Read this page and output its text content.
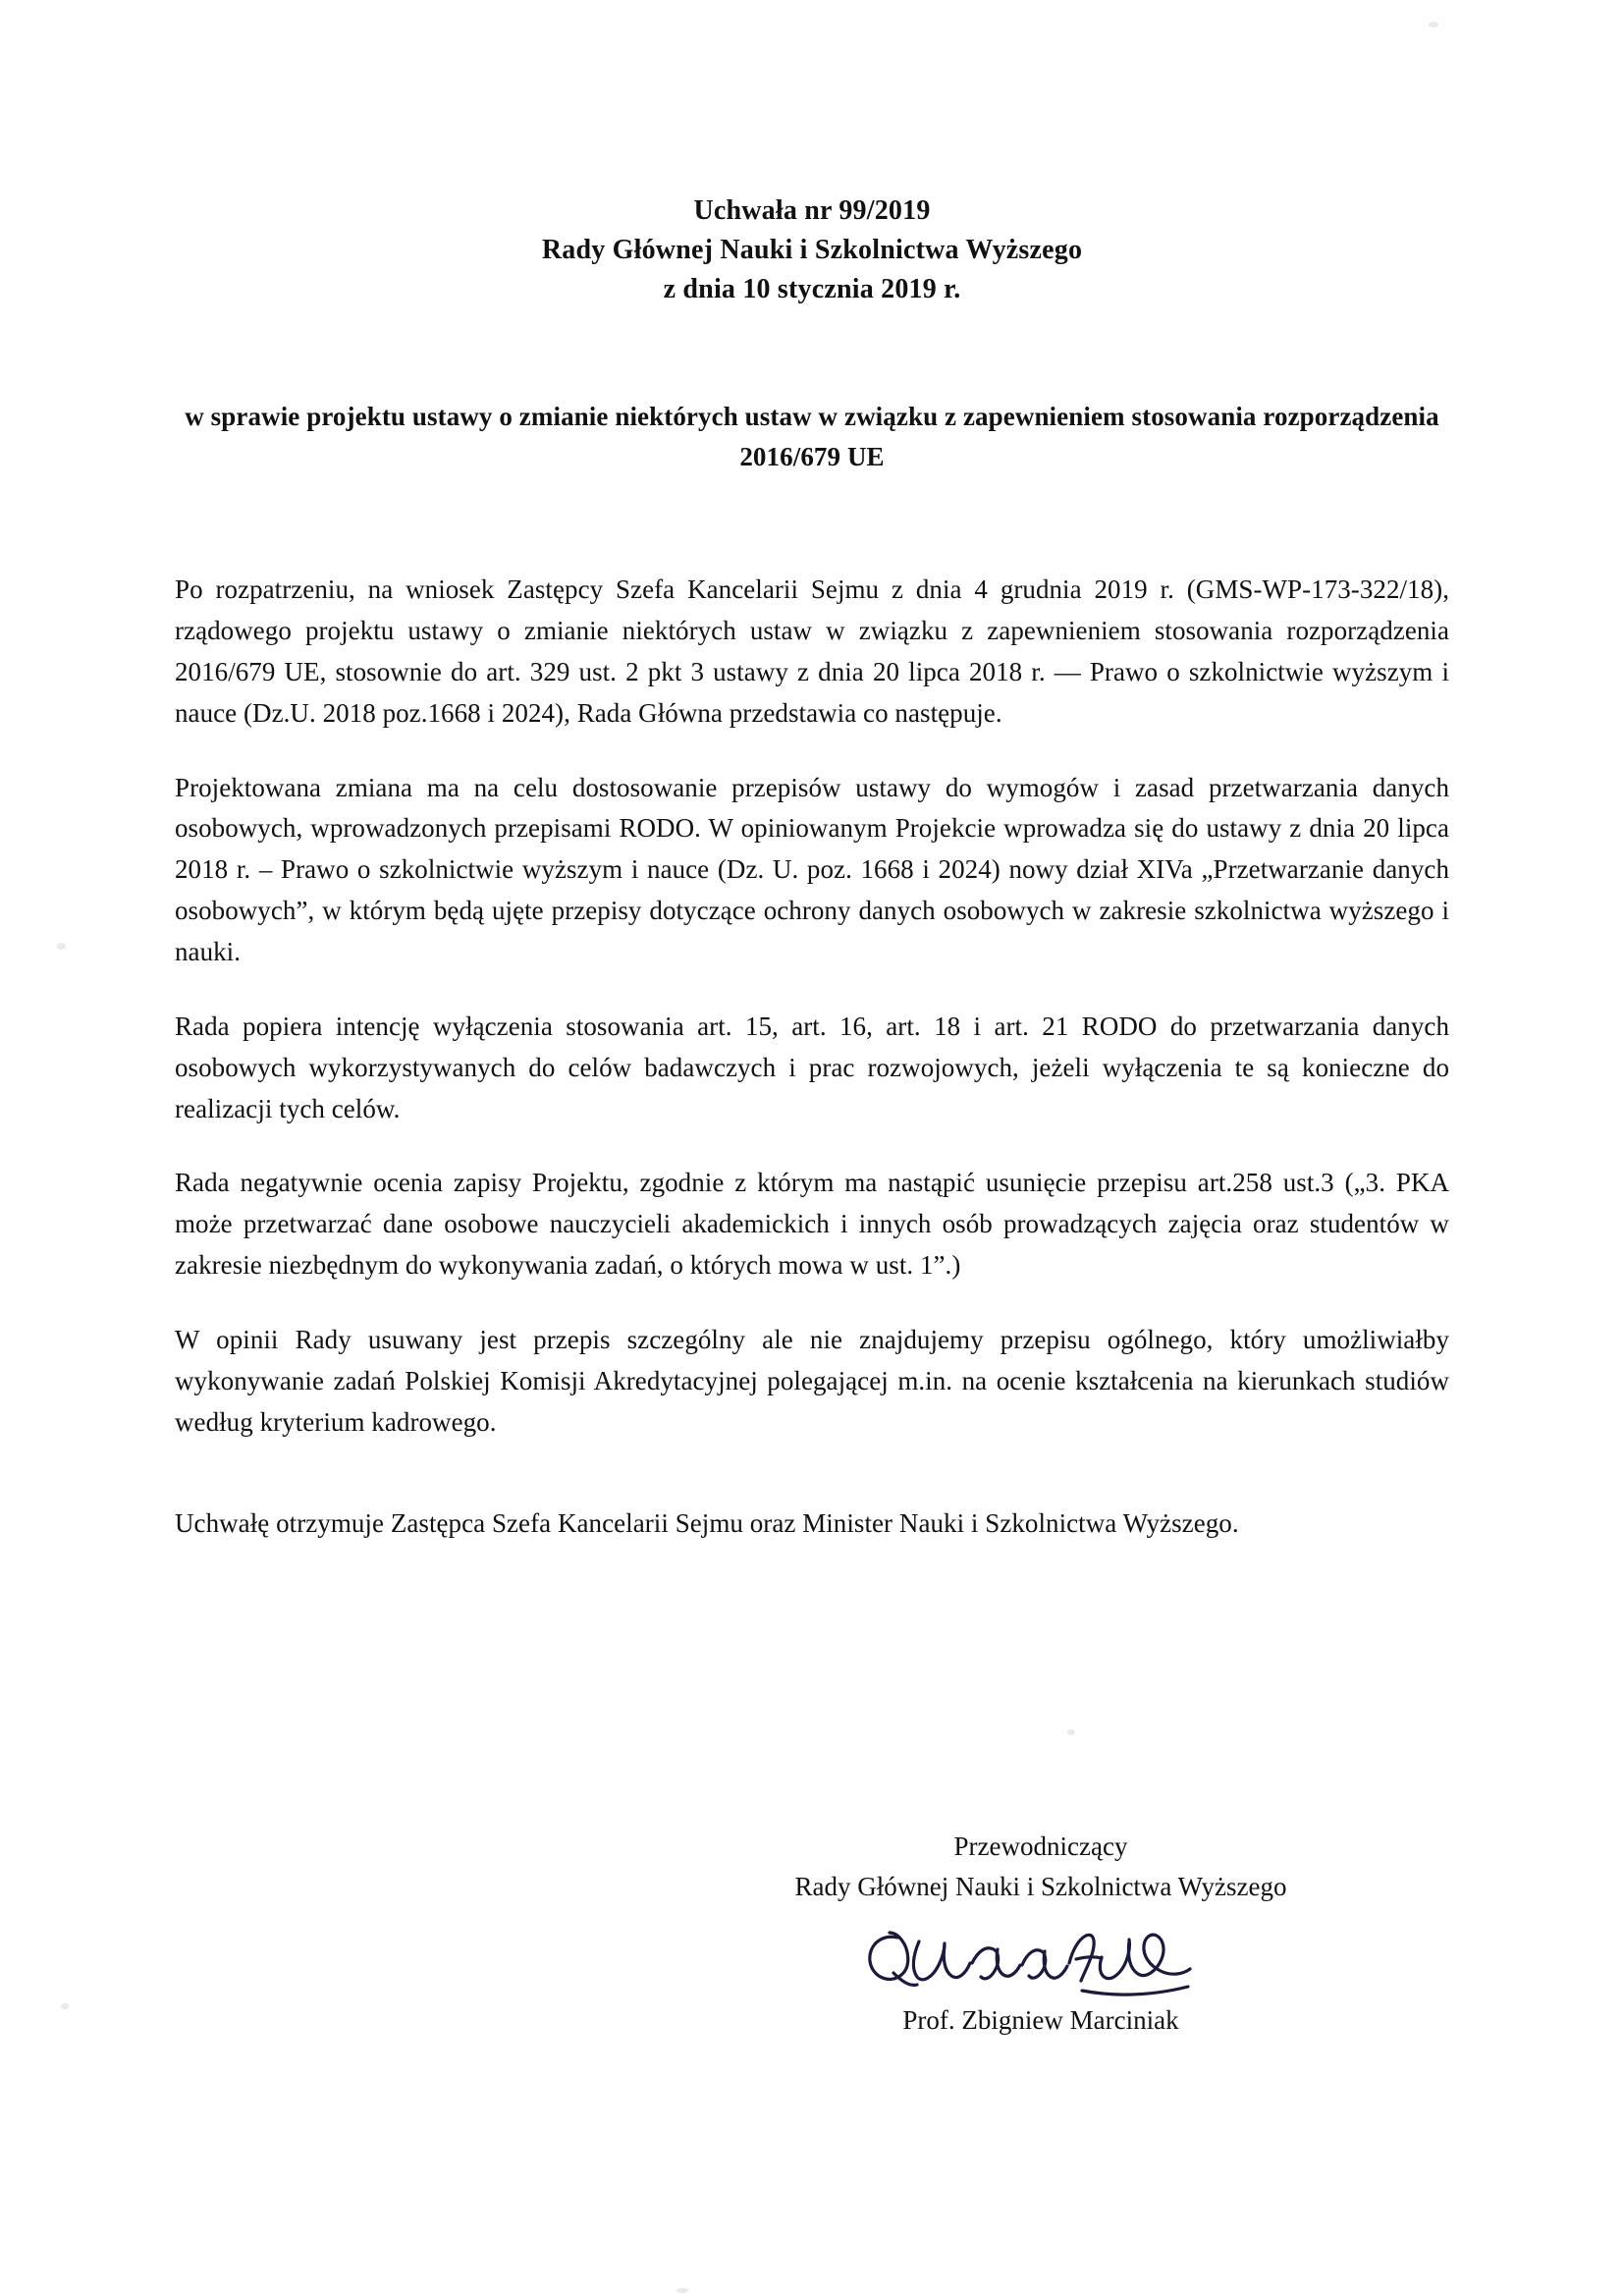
Uchwała nr 99/2019
Rady Głównej Nauki i Szkolnictwa Wyższego
z dnia 10 stycznia 2019 r.
w sprawie projektu ustawy o zmianie niektórych ustaw w związku z zapewnieniem stosowania rozporządzenia 2016/679 UE

Po rozpatrzeniu, na wniosek Zastępcy Szefa Kancelarii Sejmu z dnia 4 grudnia 2019 r. (GMS-WP-173-322/18), rządowego projektu ustawy o zmianie niektórych ustaw w związku z zapewnieniem stosowania rozporządzenia 2016/679 UE, stosownie do art. 329 ust. 2 pkt 3 ustawy z dnia 20 lipca 2018 r. — Prawo o szkolnictwie wyższym i nauce (Dz.U. 2018 poz.1668 i 2024), Rada Główna przedstawia co następuje.

Projektowana zmiana ma na celu dostosowanie przepisów ustawy do wymogów i zasad przetwarzania danych osobowych, wprowadzonych przepisami RODO. W opiniowanym Projekcie wprowadza się do ustawy z dnia 20 lipca 2018 r. – Prawo o szkolnictwie wyższym i nauce (Dz. U. poz. 1668 i 2024) nowy dział XIVa „Przetwarzanie danych osobowych”, w którym będą ujęte przepisy dotyczące ochrony danych osobowych w zakresie szkolnictwa wyższego i nauki.

Rada popiera intencję wyłączenia stosowania art. 15, art. 16, art. 18 i art. 21 RODO do przetwarzania danych osobowych wykorzystywanych do celów badawczych i prac rozwojowych, jeżeli wyłączenia te są konieczne do realizacji tych celów.

Rada negatywnie ocenia zapisy Projektu, zgodnie z którym ma nastąpić usunięcie przepisu art.258 ust.3 („3. PKA może przetwarzać dane osobowe nauczycieli akademickich i innych osób prowadzących zajęcia oraz studentów w zakresie niezbędnym do wykonywania zadań, o których mowa w ust. 1”.)

W opinii Rady usuwany jest przepis szczególny ale nie znajdujemy przepisu ogólnego, który umożliwiałby wykonywanie zadań Polskiej Komisji Akredytacyjnej polegającej m.in. na ocenie kształcenia na kierunkach studiów według kryterium kadrowego.

Uchwałę otrzymuje Zastępca Szefa Kancelarii Sejmu oraz Minister Nauki i Szkolnictwa Wyższego.

Przewodniczący
Rady Głównej Nauki i Szkolnictwa Wyższego
Prof. Zbigniew Marciniak
